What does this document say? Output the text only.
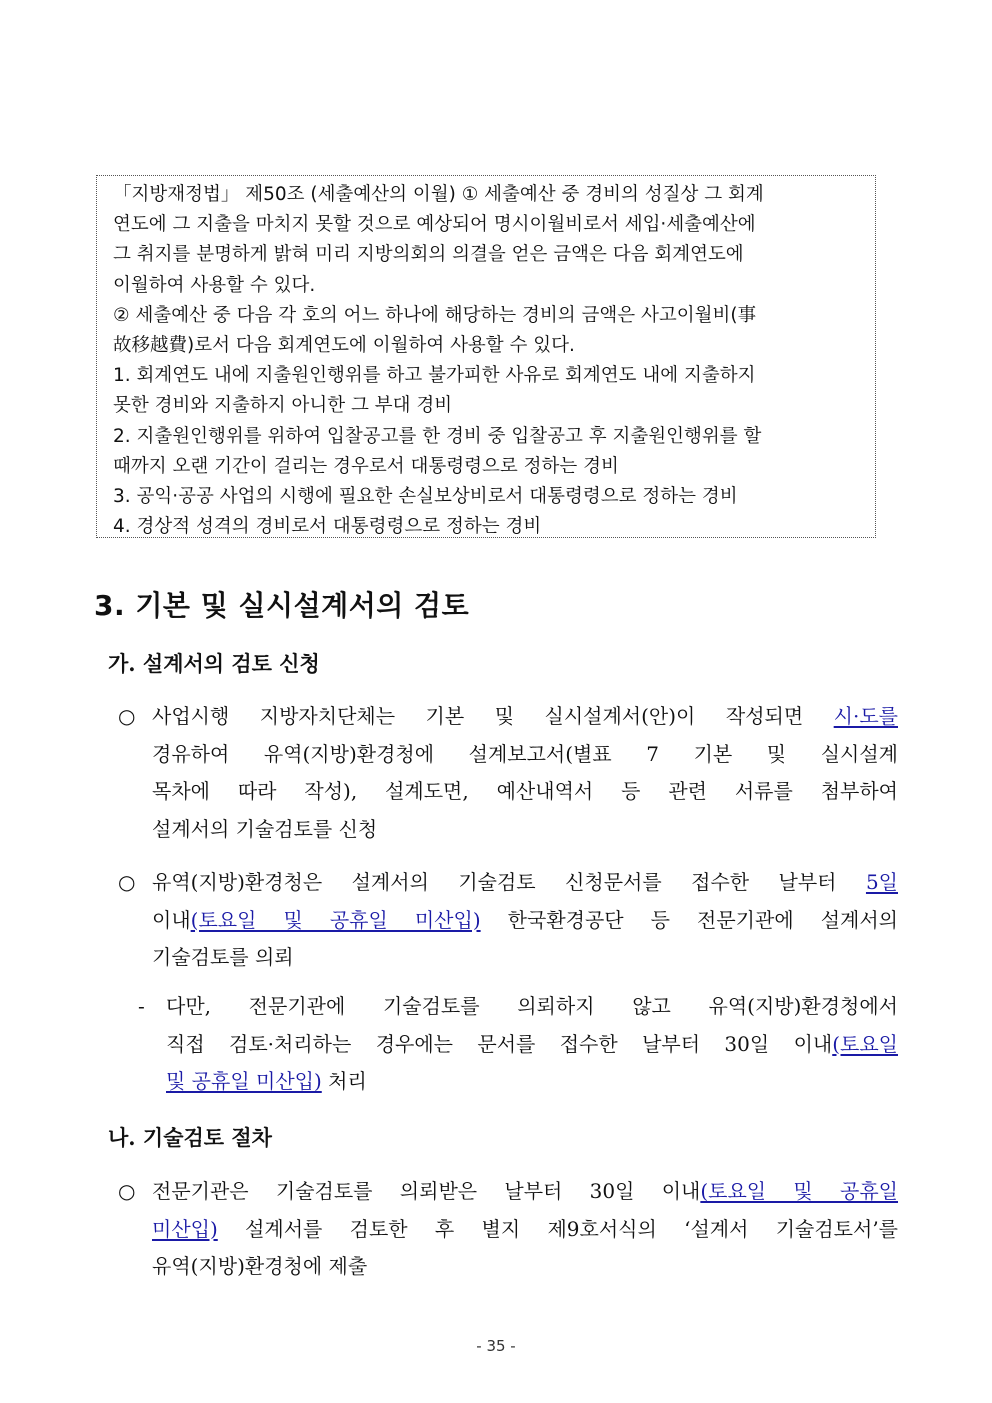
「지방재정법」 제50조 (세출예산의 이월) ① 세출예산 중 경비의 성질상 그 회계
연도에 그 지출을 마치지 못할 것으로 예상되어 명시이월비로서 세입·세출예산에
그 취지를 분명하게 밝혀 미리 지방의회의 의결을 얻은 금액은 다음 회계연도에
이월하여 사용할 수 있다.
② 세출예산 중 다음 각 호의 어느 하나에 해당하는 경비의 금액은 사고이월비(事
故移越費)로서 다음 회계연도에 이월하여 사용할 수 있다.
1. 회계연도 내에 지출원인행위를 하고 불가피한 사유로 회계연도 내에 지출하지
못한 경비와 지출하지 아니한 그 부대 경비
2. 지출원인행위를 위하여 입찰공고를 한 경비 중 입찰공고 후 지출원인행위를 할
때까지 오랜 기간이 걸리는 경우로서 대통령령으로 정하는 경비
3. 공익·공공 사업의 시행에 필요한 손실보상비로서 대통령령으로 정하는 경비
4. 경상적 성격의 경비로서 대통령령으로 정하는 경비
3. 기본 및 실시설계서의 검토
가. 설계서의 검토 신청
○ 사업시행 지방자치단체는 기본 및 실시설계서(안)이 작성되면 시·도를
경유하여 유역(지방)환경청에 설계보고서(별표 7 기본 및 실시설계
목차에 따라 작성), 설계도면, 예산내역서 등 관련 서류를 첨부하여
설계서의 기술검토를 신청
○ 유역(지방)환경청은 설계서의 기술검토 신청문서를 접수한 날부터 5일
이내(토요일 및 공휴일 미산입) 한국환경공단 등 전문기관에 설계서의
기술검토를 의뢰
- 다만, 전문기관에 기술검토를 의뢰하지 않고 유역(지방)환경청에서
직접 검토·처리하는 경우에는 문서를 접수한 날부터 30일 이내(토요일
및 공휴일 미산입) 처리
나. 기술검토 절차
○ 전문기관은 기술검토를 의뢰받은 날부터 30일 이내(토요일 및 공휴일
미산입) 설계서를 검토한 후 별지 제9호서식의 ‘설계서 기술검토서’를
유역(지방)환경청에 제출
- 35 -
